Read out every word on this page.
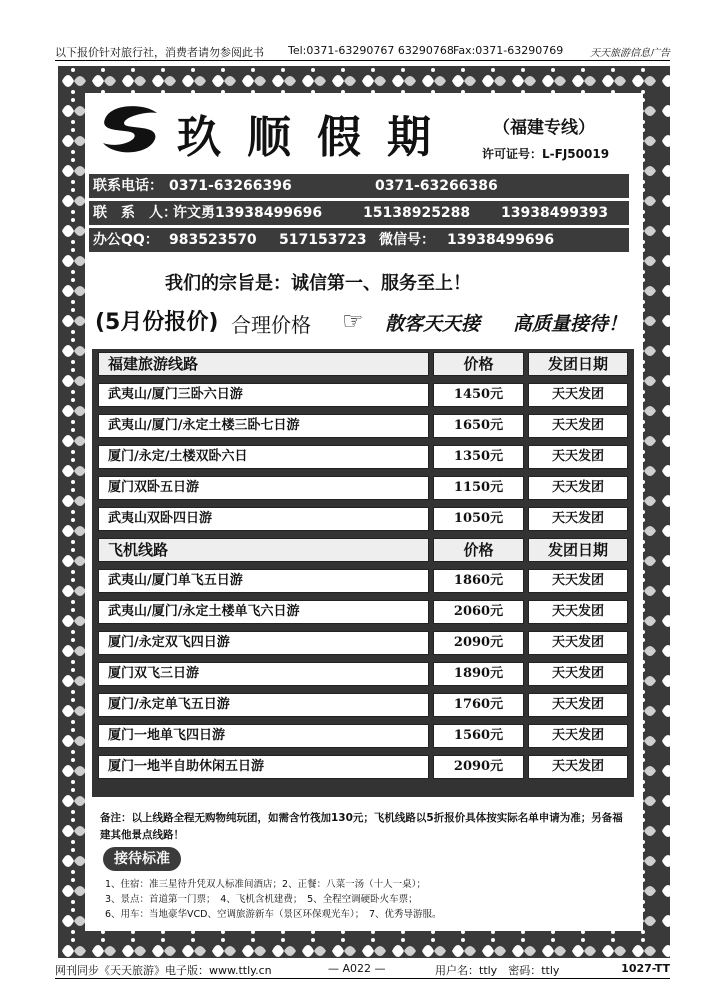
以下报价针对旅行社，消费者请勿参阅此书 Tel:0371-63290767 63290768 Fax:0371-63290769	天天旅游信息广告
玖顺假期 （福建专线）
许可证号：L-FJ50019
联系电话： 0371-63266396	0371-63266386
联　系　人：
许文勇13938499696	15138925288 13938499393
办公QQ： 983523570 517153723 微信号： 13938499696
我们的宗旨是：诚信第一、服务至上！
(5月份报价) 合理价格 ☞ 散客天天接 高质量接待！
福建旅游线路	价格	发团日期
武夷山/厦门三卧六日游	1450元	天天发团
武夷山/厦门/永定土楼三卧七日游	1650元	天天发团
厦门/永定/土楼双卧六日	1350元	天天发团
厦门双卧五日游	1150元	天天发团
武夷山双卧四日游	1050元	天天发团
飞机线路	价格	发团日期
武夷山/厦门单飞五日游	1860元	天天发团
武夷山/厦门/永定土楼单飞六日游	2060元	天天发团
厦门/永定双飞四日游	2090元	天天发团
厦门双飞三日游	1890元	天天发团
厦门/永定单飞五日游	1760元	天天发团
厦门一地单飞四日游	1560元	天天发团
厦门一地半自助休闲五日游	2090元	天天发团
备注：以上线路全程无购物纯玩团，如需含竹筏加130元；飞机线路以5折报价具体按实际名单申请为准；另备福建其他景点线路！
接待标准
1、住宿：准三星待升凭双人标准间酒店；2、正餐：八菜一汤（十人一桌）；
3、景点：首道第一门票；　4、飞机含机建费；　5、全程空调硬卧火车票；
6、用车：当地豪华VCD、空调旅游新车（景区环保观光车）；　7、优秀导游服。
网刊同步《天天旅游》电子版：www.ttly.cn	— A022 —	用户名：ttly　密码：ttly	1027-TT
